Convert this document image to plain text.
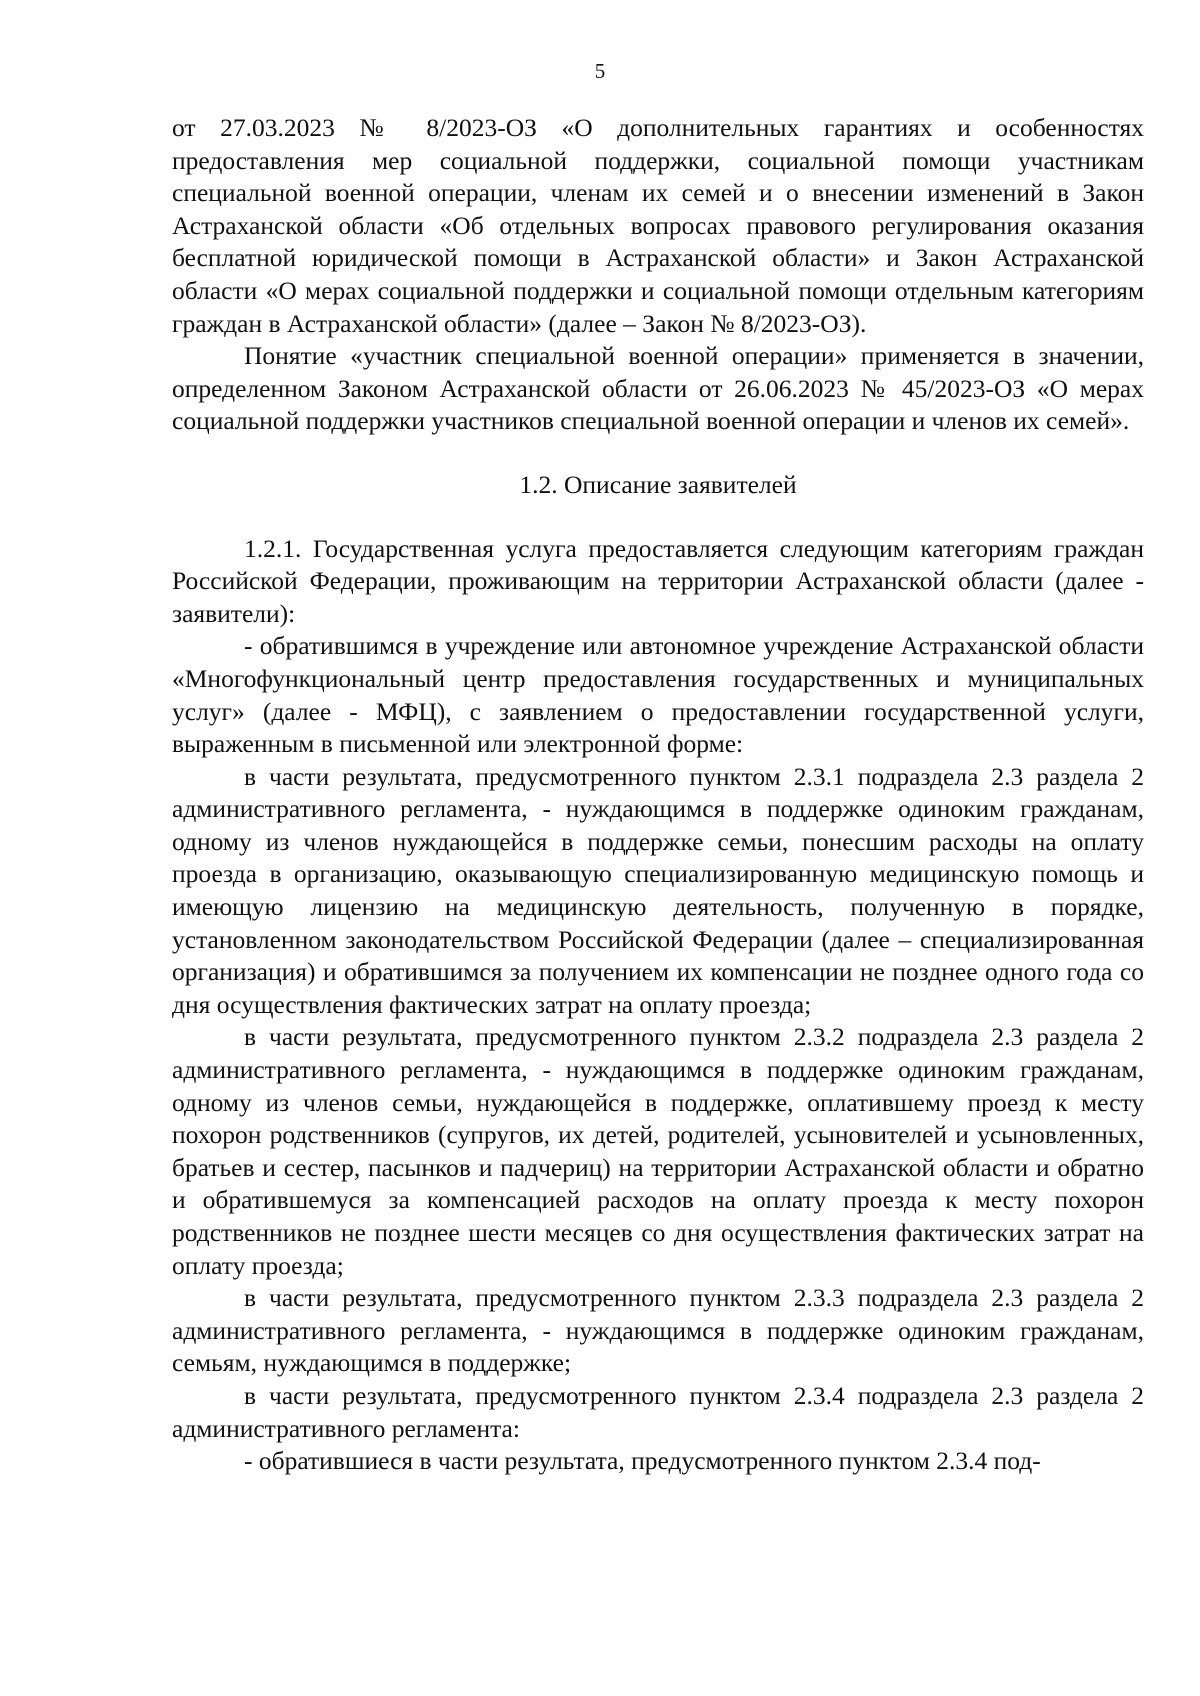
5

от 27.03.2023 № 8/2023-ОЗ «О дополнительных гарантиях и особенностях предоставления мер социальной поддержки, социальной помощи участникам специальной военной операции, членам их семей и о внесении изменений в Закон Астраханской области «Об отдельных вопросах правового регулирования оказания бесплатной юридической помощи в Астраханской области» и Закон Астраханской области «О мерах социальной поддержки и социальной помощи отдельным категориям граждан в Астраханской области» (далее – Закон № 8/2023-ОЗ).

Понятие «участник специальной военной операции» применяется в значении, определенном Законом Астраханской области от 26.06.2023 № 45/2023-ОЗ «О мерах социальной поддержки участников специальной военной операции и членов их семей».

1.2. Описание заявителей

1.2.1. Государственная услуга предоставляется следующим категориям граждан Российской Федерации, проживающим на территории Астраханской области (далее - заявители):

- обратившимся в учреждение или автономное учреждение Астраханской области «Многофункциональный центр предоставления государственных и муниципальных услуг» (далее - МФЦ), с заявлением о предоставлении государственной услуги, выраженным в письменной или электронной форме:

в части результата, предусмотренного пунктом 2.3.1 подраздела 2.3 раздела 2 административного регламента, - нуждающимся в поддержке одиноким гражданам, одному из членов нуждающейся в поддержке семьи, понесшим расходы на оплату проезда в организацию, оказывающую специализированную медицинскую помощь и имеющую лицензию на медицинскую деятельность, полученную в порядке, установленном законодательством Российской Федерации (далее – специализированная организация) и обратившимся за получением их компенсации не позднее одного года со дня осуществления фактических затрат на оплату проезда;

в части результата, предусмотренного пунктом 2.3.2 подраздела 2.3 раздела 2 административного регламента, - нуждающимся в поддержке одиноким гражданам, одному из членов семьи, нуждающейся в поддержке, оплатившему проезд к месту похорон родственников (супругов, их детей, родителей, усыновителей и усыновленных, братьев и сестер, пасынков и падчериц) на территории Астраханской области и обратно и обратившемуся за компенсацией расходов на оплату проезда к месту похорон родственников не позднее шести месяцев со дня осуществления фактических затрат на оплату проезда;

в части результата, предусмотренного пунктом 2.3.3 подраздела 2.3 раздела 2 административного регламента, - нуждающимся в поддержке одиноким гражданам, семьям, нуждающимся в поддержке;

в части результата, предусмотренного пунктом 2.3.4 подраздела 2.3 раздела 2 административного регламента:

- обратившиеся в части результата, предусмотренного пунктом 2.3.4 под-
